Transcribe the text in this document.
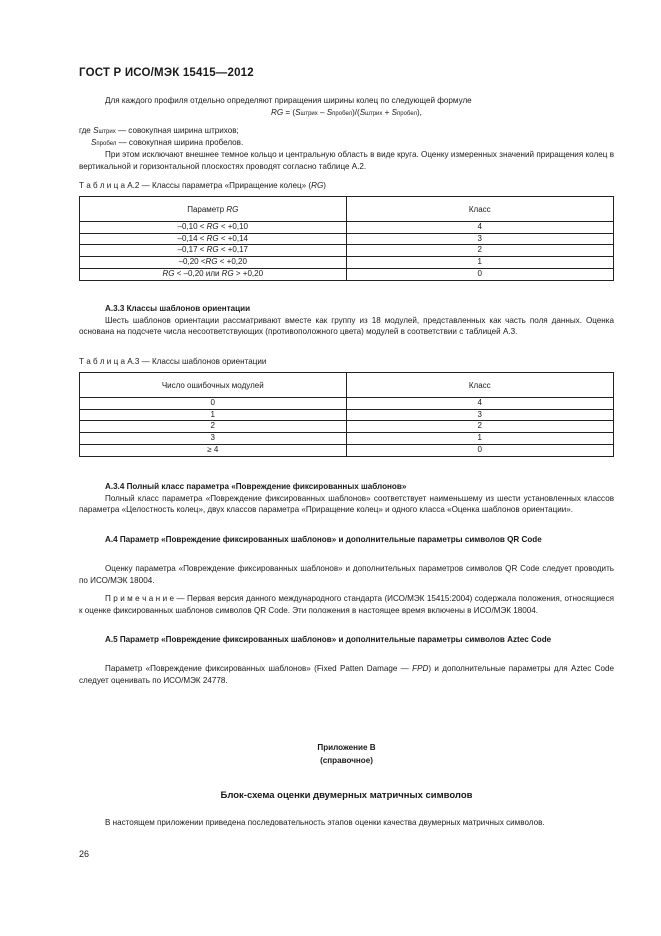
ГОСТ Р ИСО/МЭК 15415—2012
Для каждого профиля отдельно определяют приращения ширины колец по следующей формуле
RG = (Sштрих – Sпробел)/(Sштрих + Sпробел),
где Sштрих — совокупная ширина штрихов;
Sпробел — совокупная ширина пробелов.
При этом исключают внешнее темное кольцо и центральную область в виде круга. Оценку измеренных значений приращения колец в вертикальной и горизонтальной плоскостях проводят согласно таблице А.2.
Т а б л и ц а А.2 — Классы параметра «Приращение колец» (RG)
Параметр RG	Класс
–0,10 < RG < +0,10	4
–0,14 < RG < +0,14	3
–0,17 < RG < +0,17	2
–0,20 <RG < +0,20	1
RG < –0,20 или RG > +0,20	0
А.3.3 Классы шаблонов ориентации
Шесть шаблонов ориентации рассматривают вместе как группу из 18 модулей, представленных как часть поля данных. Оценка основана на подсчете числа несоответствующих (противоположного цвета) модулей в соответствии с таблицей А.3.
Т а б л и ц а А.3 — Классы шаблонов ориентации
Число ошибочных модулей	Класс
0	4
1	3
2	2
3	1
≥ 4	0
А.3.4 Полный класс параметра «Повреждение фиксированных шаблонов»
Полный класс параметра «Повреждение фиксированных шаблонов» соответствует наименьшему из шести установленных классов параметра «Целостность колец», двух классов параметра «Приращение колец» и одного класса «Оценка шаблонов ориентации».
А.4 Параметр «Повреждение фиксированных шаблонов» и дополнительные параметры символов QR Code
Оценку параметра «Повреждение фиксированных шаблонов» и дополнительных параметров символов QR Code следует проводить по ИСО/МЭК 18004.
П р и м е ч а н и е — Первая версия данного международного стандарта (ИСО/МЭК 15415:2004) содержала положения, относящиеся к оценке фиксированных шаблонов символов QR Code. Эти положения в настоящее время включены в ИСО/МЭК 18004.
А.5 Параметр «Повреждение фиксированных шаблонов» и дополнительные параметры символов Aztec Code
Параметр «Повреждение фиксированных шаблонов» (Fixed Patten Damage — FPD) и дополнительные параметры для Aztec Code следует оценивать по ИСО/МЭК 24778.
Приложение В
(справочное)
Блок-схема оценки двумерных матричных символов
В настоящем приложении приведена последовательность этапов оценки качества двумерных матричных символов.
26
